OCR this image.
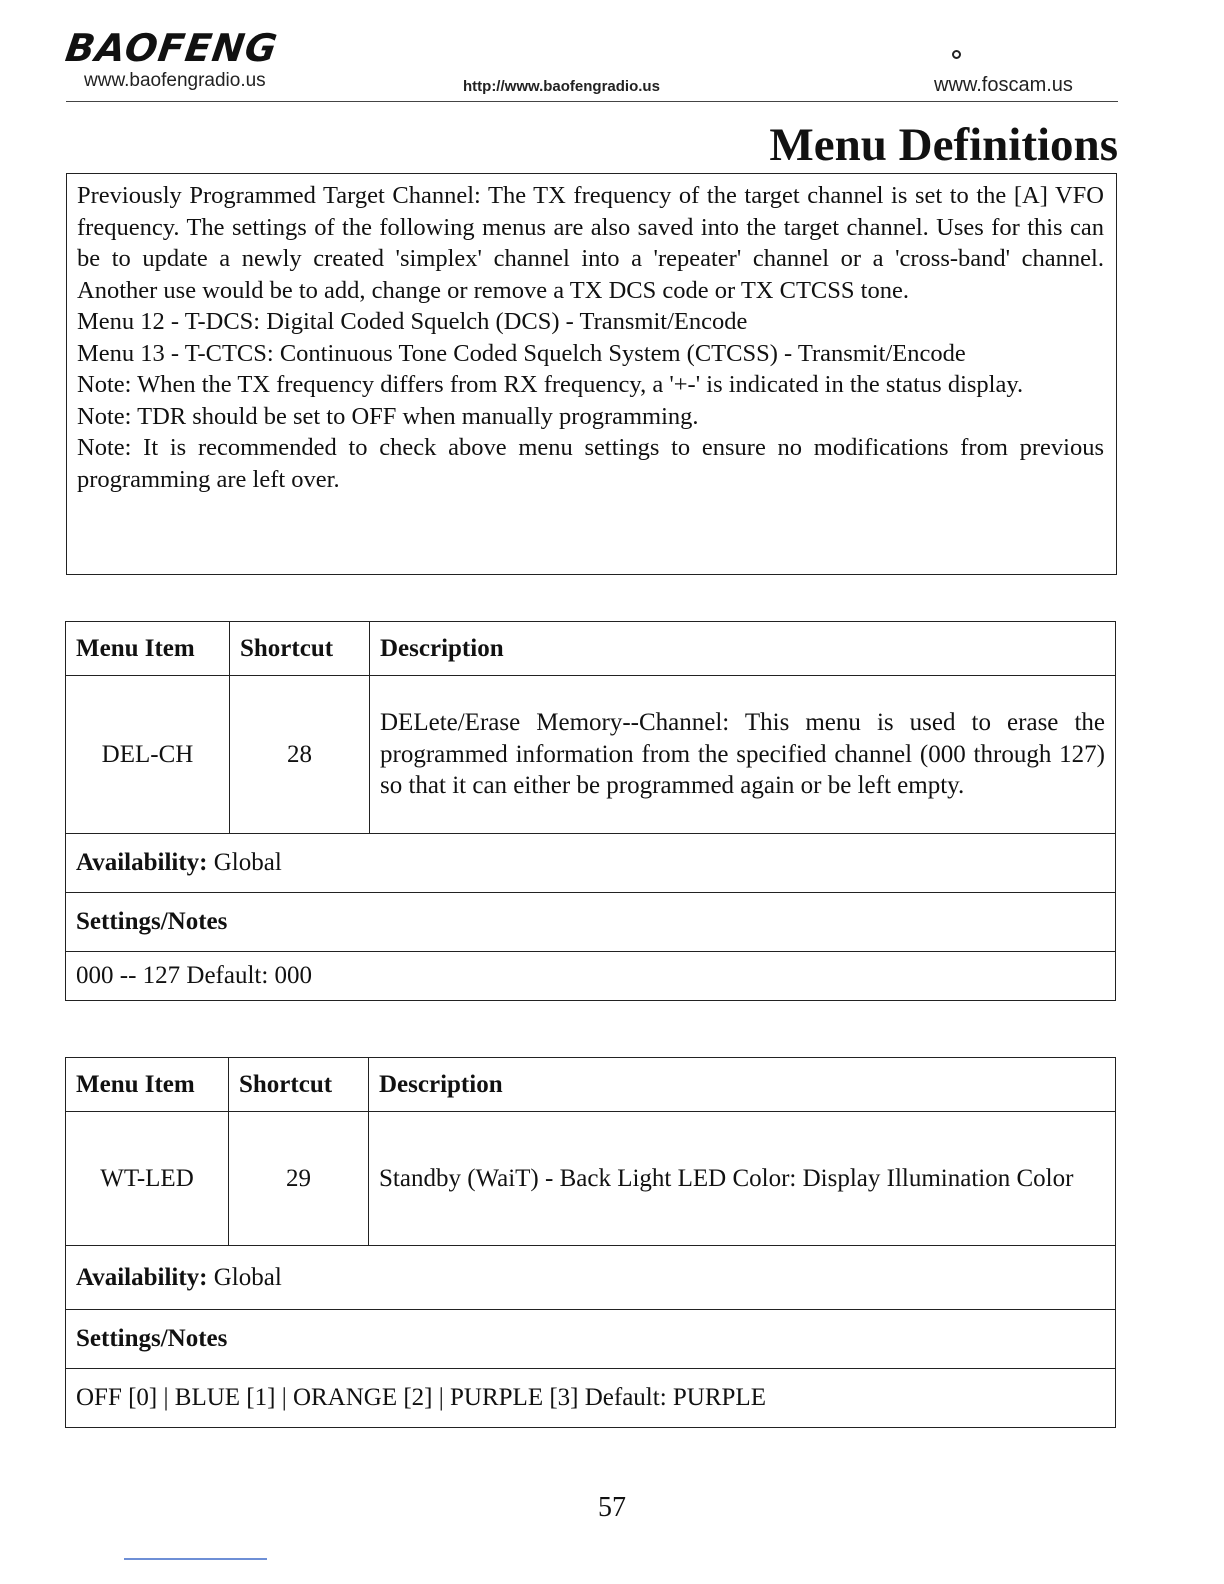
BAOFENG
www.baofengradio.us	http://www.baofengradio.us	www.foscam.us
Menu Definitions

Previously Programmed Target Channel: The TX frequency of the target channel is set to the [A] VFO frequency. The settings of the following menus are also saved into the target channel. Uses for this can be to update a newly created 'simplex' channel into a 'repeater' channel or a 'cross-band' channel. Another use would be to add, change or remove a TX DCS code or TX CTCSS tone.

Menu 12 - T-DCS: Digital Coded Squelch (DCS) - Transmit/Encode

Menu 13 - T-CTCS: Continuous Tone Coded Squelch System (CTCSS) - Transmit/Encode

Note: When the TX frequency differs from RX frequency, a '+-' is indicated in the status display.

Note: TDR should be set to OFF when manually programming.

Note: It is recommended to check above menu settings to ensure no modifications from previous programming are left over.

Menu Item	Shortcut	Description
DEL-CH	28	DELete/Erase Memory--Channel: This menu is used to erase the programmed information from the specified channel (000 through 127) so that it can either be programmed again or be left empty.
Availability: Global		
Settings/Notes		
000 -- 127 Default: 000		
Menu Item	Shortcut	Description
WT-LED	29	Standby (WaiT) - Back Light LED Color: Display Illumination Color
Availability: Global		
Settings/Notes		
OFF [0] | BLUE [1] | ORANGE [2] | PURPLE [3] Default: PURPLE		
57
